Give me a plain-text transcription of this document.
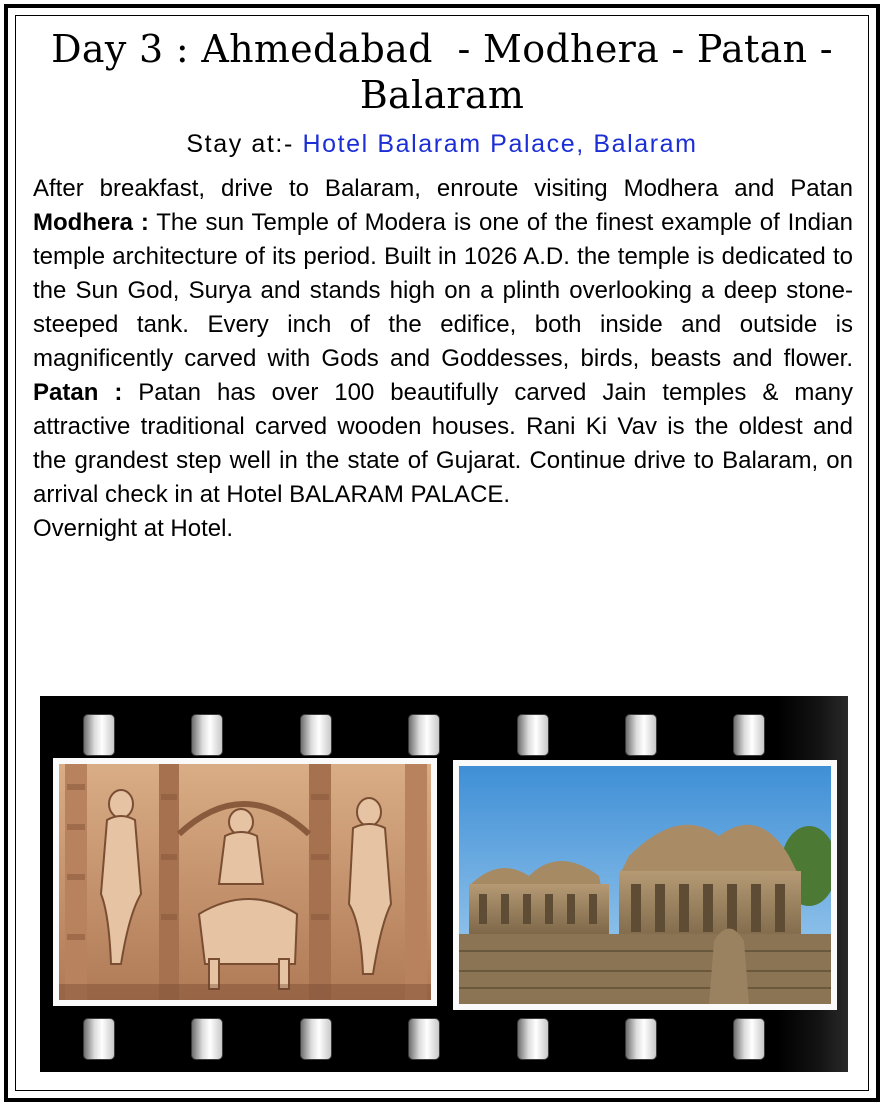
Day 3 : Ahmedabad  - Modhera - Patan -
Balaram
Stay at:- Hotel Balaram Palace, Balaram

After breakfast, drive to Balaram, enroute visiting Modhera and Patan

Modhera : The sun Temple of Modera is one of the finest example of Indian temple architecture of its period. Built in 1026 A.D. the temple is dedicated to the Sun God, Surya and stands high on a plinth overlooking a deep stone- steeped tank. Every inch of the edifice, both inside and outside is magnificently carved with Gods and Goddesses, birds, beasts and flower. Patan : Patan has over 100 beautifully carved Jain temples & many attractive traditional carved wooden houses. Rani Ki Vav is the oldest and the grandest step well in the state of Gujarat. Continue drive to Balaram, on arrival check in at Hotel BALARAM PALACE.

Overnight at Hotel.
